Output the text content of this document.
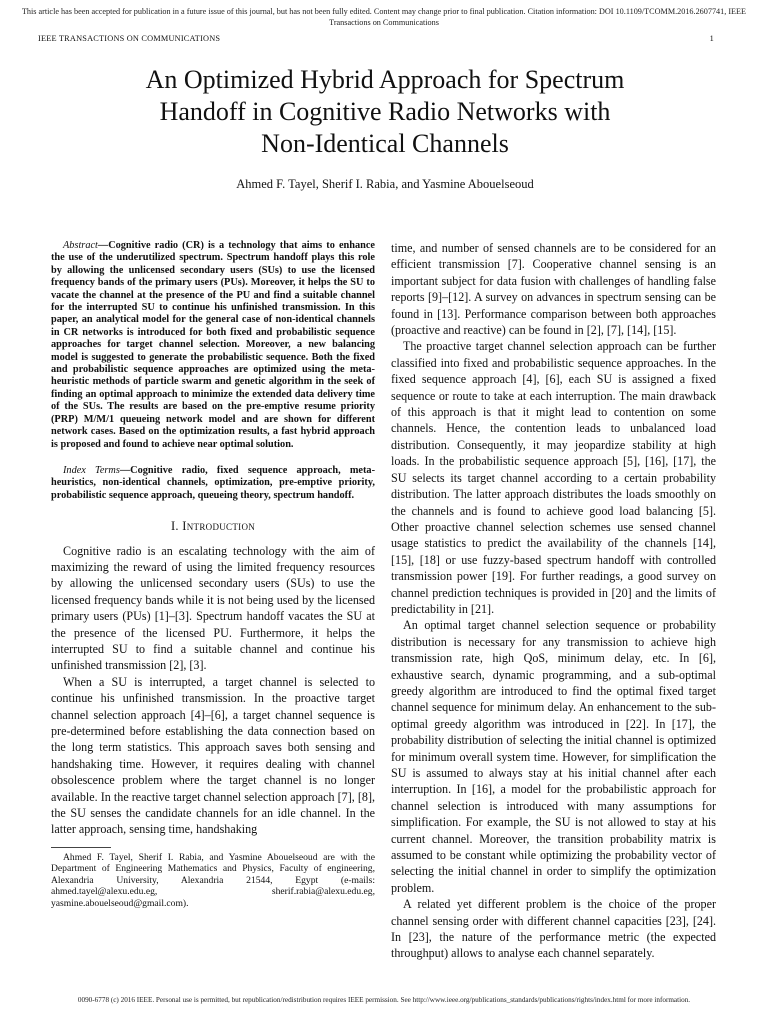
This article has been accepted for publication in a future issue of this journal, but has not been fully edited. Content may change prior to final publication. Citation information: DOI 10.1109/TCOMM.2016.2607741, IEEE
Transactions on Communications
IEEE TRANSACTIONS ON COMMUNICATIONS	1
An Optimized Hybrid Approach for Spectrum
Handoff in Cognitive Radio Networks with
Non-Identical Channels
Ahmed F. Tayel, Sherif I. Rabia, and Yasmine Abouelseoud

Abstract—Cognitive radio (CR) is a technology that aims to enhance the use of the underutilized spectrum. Spectrum handoff plays this role by allowing the unlicensed secondary users (SUs) to use the licensed frequency bands of the primary users (PUs). Moreover, it helps the SU to vacate the channel at the presence of the PU and find a suitable channel for the interrupted SU to continue his unfinished transmission. In this paper, an analytical model for the general case of non-identical channels in CR networks is introduced for both fixed and probabilistic sequence approaches for target channel selection. Moreover, a new balancing model is suggested to generate the probabilistic sequence. Both the fixed and probabilistic sequence approaches are optimized using the meta-heuristic methods of particle swarm and genetic algorithm in the seek of finding an optimal approach to minimize the extended data delivery time of the SUs. The results are based on the pre-emptive resume priority (PRP) M/M/1 queueing network model and are shown for different network cases. Based on the optimization results, a fast hybrid approach is proposed and found to achieve near optimal solution.

Index Terms—Cognitive radio, fixed sequence approach, meta-heuristics, non-identical channels, optimization, pre-emptive priority, probabilistic sequence approach, queueing theory, spectrum handoff.

I. Introduction

Cognitive radio is an escalating technology with the aim of maximizing the reward of using the limited frequency resources by allowing the unlicensed secondary users (SUs) to use the licensed frequency bands while it is not being used by the licensed primary users (PUs) [1]–[3]. Spectrum handoff vacates the SU at the presence of the licensed PU. Furthermore, it helps the interrupted SU to find a suitable channel and continue his unfinished transmission [2], [3].

When a SU is interrupted, a target channel is selected to continue his unfinished transmission. In the proactive target channel selection approach [4]–[6], a target channel sequence is pre-determined before establishing the data connection based on the long term statistics. This approach saves both sensing and handshaking time. However, it requires dealing with channel obsolescence problem where the target channel is no longer available. In the reactive target channel selection approach [7], [8], the SU senses the candidate channels for an idle channel. In the latter approach, sensing time, handshaking

Ahmed F. Tayel, Sherif I. Rabia, and Yasmine Abouelseoud are with the Department of Engineering Mathematics and Physics, Faculty of engineering, Alexandria University, Alexandria 21544, Egypt (e-mails: ahmed.tayel@alexu.edu.eg, sherif.rabia@alexu.edu.eg, yasmine.abouelseoud@gmail.com).

time, and number of sensed channels are to be considered for an efficient transmission [7]. Cooperative channel sensing is an important subject for data fusion with challenges of handling false reports [9]–[12]. A survey on advances in spectrum sensing can be found in [13]. Performance comparison between both approaches (proactive and reactive) can be found in [2], [7], [14], [15].

The proactive target channel selection approach can be further classified into fixed and probabilistic sequence approaches. In the fixed sequence approach [4], [6], each SU is assigned a fixed sequence or route to take at each interruption. The main drawback of this approach is that it might lead to contention on some channels. Hence, the contention leads to unbalanced load distribution. Consequently, it may jeopardize stability at high loads. In the probabilistic sequence approach [5], [16], [17], the SU selects its target channel according to a certain probability distribution. The latter approach distributes the loads smoothly on the channels and is found to achieve good load balancing [5]. Other proactive channel selection schemes use sensed channel usage statistics to predict the availability of the channels [14], [15], [18] or use fuzzy-based spectrum handoff with controlled transmission power [19]. For further readings, a good survey on channel prediction techniques is provided in [20] and the limits of predictability in [21].

An optimal target channel selection sequence or probability distribution is necessary for any transmission to achieve high transmission rate, high QoS, minimum delay, etc. In [6], exhaustive search, dynamic programming, and a sub-optimal greedy algorithm are introduced to find the optimal fixed target channel sequence for minimum delay. An enhancement to the sub-optimal greedy algorithm was introduced in [22]. In [17], the probability distribution of selecting the initial channel is optimized for minimum overall system time. However, for simplification the SU is assumed to always stay at his initial channel after each interruption. In [16], a model for the probabilistic approach for channel selection is introduced with many assumptions for simplification. For example, the SU is not allowed to stay at his current channel. Moreover, the transition probability matrix is assumed to be constant while optimizing the probability vector of selecting the initial channel in order to simplify the optimization problem.

A related yet different problem is the choice of the proper channel sensing order with different channel capacities [23], [24]. In [23], the nature of the performance metric (the expected throughput) allows to analyse each channel separately.

0090-6778 (c) 2016 IEEE. Personal use is permitted, but republication/redistribution requires IEEE permission. See http://www.ieee.org/publications_standards/publications/rights/index.html for more information.
